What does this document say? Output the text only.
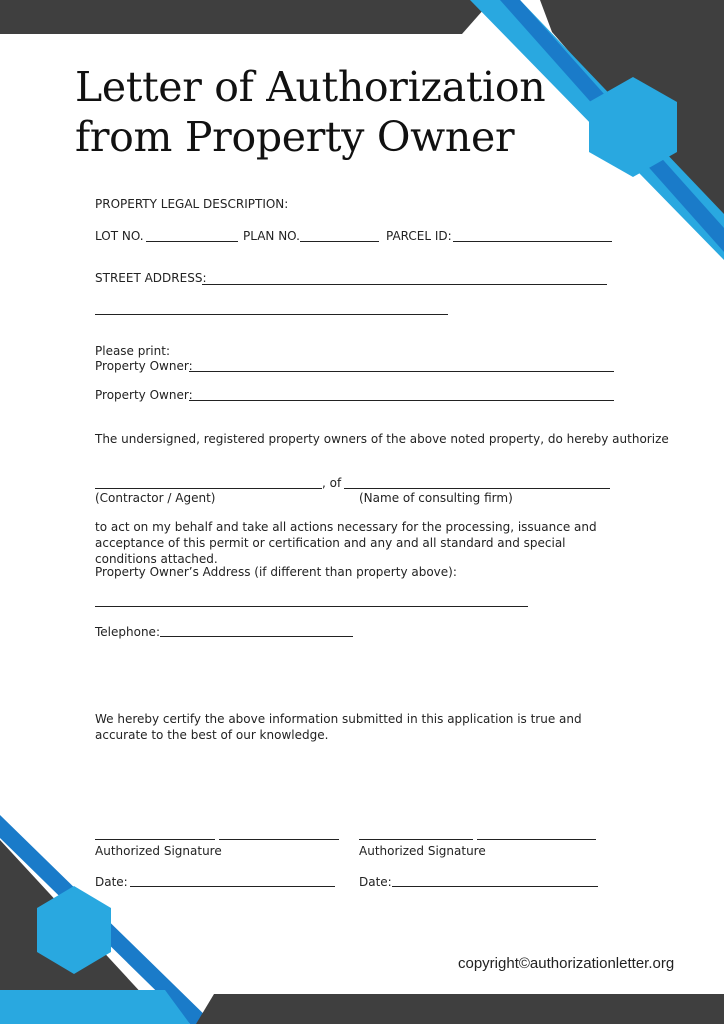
Letter of Authorization
from Property Owner
PROPERTY LEGAL DESCRIPTION:
LOT NO.	PLAN NO.	PARCEL ID:
STREET ADDRESS:
Please print:
Property Owner:
Property Owner:
The undersigned, registered property owners of the above noted property, do hereby authorize
, of
(Contractor / Agent)	(Name of consulting firm)
to act on my behalf and take all actions necessary for the processing, issuance and acceptance of this permit or certification and any and all standard and special conditions attached.
Property Owner’s Address (if different than property above):
Telephone:
We hereby certify the above information submitted in this application is true and accurate to the best of our knowledge.
Authorized Signature	Authorized Signature
Date:	Date:
copyright©authorizationletter.org
